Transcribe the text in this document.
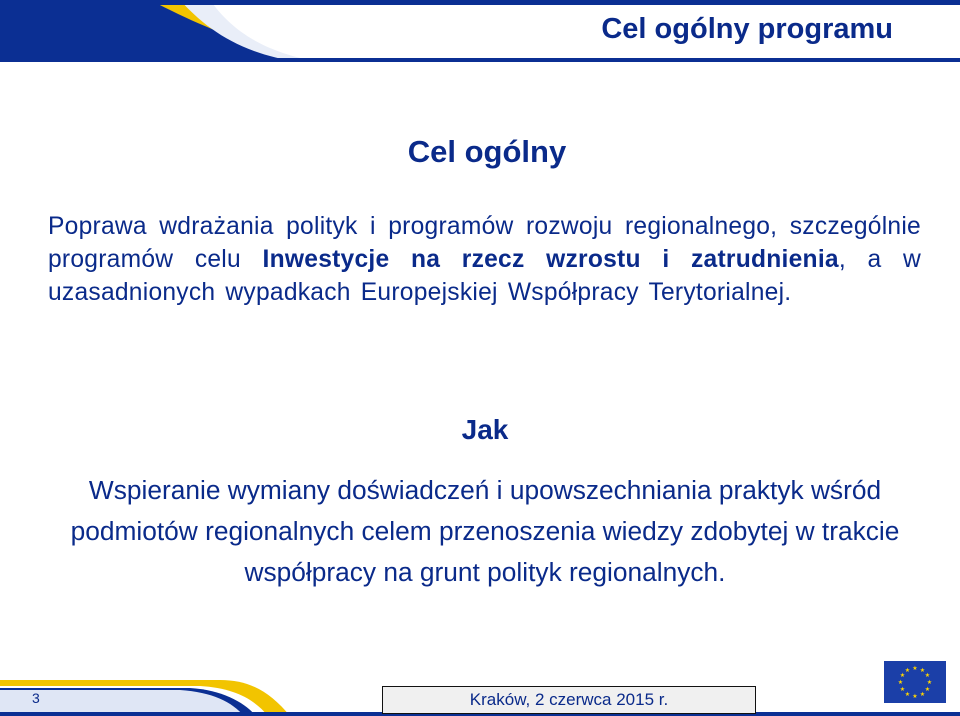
Cel ogólny programu
Cel ogólny

Poprawa wdrażania polityk i programów rozwoju regionalnego, szczególnie programów celu Inwestycje na rzecz wzrostu i zatrudnienia, a w uzasadnionych wypadkach Europejskiej Współpracy Terytorialnej.

Jak

Wspieranie wymiany doświadczeń i upowszechniania praktyk wśród podmiotów regionalnych celem przenoszenia wiedzy zdobytej w trakcie współpracy na grunt polityk regionalnych.

3	Kraków, 2 czerwca 2015 r.
★ ★
★
★
★
★
★
★
★
★
★
★
